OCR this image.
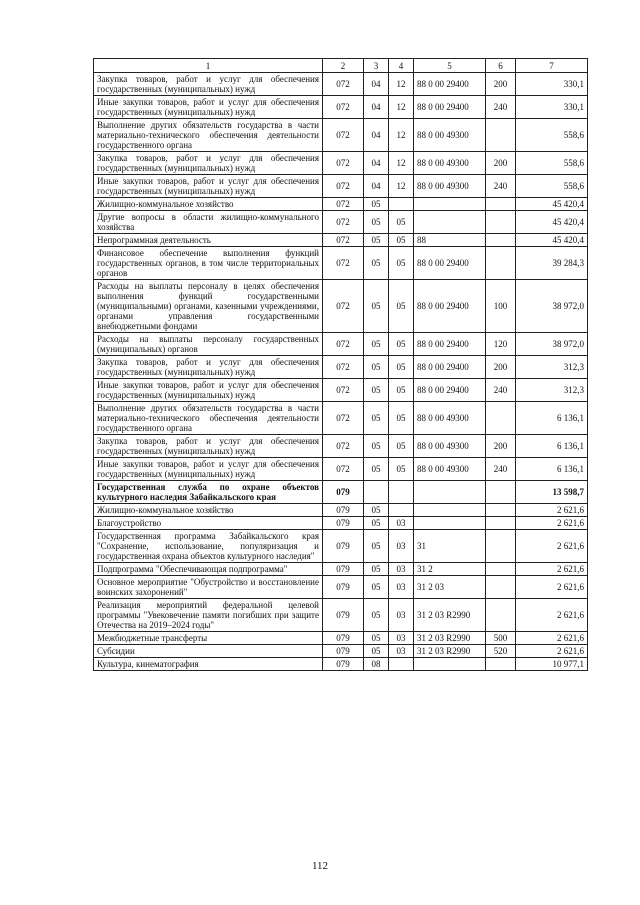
1	2	3	4	5	6	7
Закупка товаров, работ и услуг для обеспечения государственных (муниципальных) нужд	072	04	12	88 0 00 29400	200	330,1
Иные закупки товаров, работ и услуг для обеспечения государственных (муниципальных) нужд	072	04	12	88 0 00 29400	240	330,1
Выполнение других обязательств государства в части материально-технического обеспечения деятельности государственного органа	072	04	12	88 0 00 49300		558,6
Закупка товаров, работ и услуг для обеспечения государственных (муниципальных) нужд	072	04	12	88 0 00 49300	200	558,6
Иные закупки товаров, работ и услуг для обеспечения государственных (муниципальных) нужд	072	04	12	88 0 00 49300	240	558,6
Жилищно-коммунальное хозяйство	072	05				45 420,4
Другие вопросы в области жилищно-коммунального хозяйства	072	05	05			45 420,4
Непрограммная деятельность	072	05	05	88		45 420,4
Финансовое обеспечение выполнения функций государственных органов, в том числе территориальных органов	072	05	05	88 0 00 29400		39 284,3
Расходы на выплаты персоналу в целях обеспечения выполнения функций государственными (муниципальными) органами, казенными учреждениями, органами управления государственными внебюджетными фондами	072	05	05	88 0 00 29400	100	38 972,0
Расходы на выплаты персоналу государственных (муниципальных) органов	072	05	05	88 0 00 29400	120	38 972,0
Закупка товаров, работ и услуг для обеспечения государственных (муниципальных) нужд	072	05	05	88 0 00 29400	200	312,3
Иные закупки товаров, работ и услуг для обеспечения государственных (муниципальных) нужд	072	05	05	88 0 00 29400	240	312,3
Выполнение других обязательств государства в части материально-технического обеспечения деятельности государственного органа	072	05	05	88 0 00 49300		6 136,1
Закупка товаров, работ и услуг для обеспечения государственных (муниципальных) нужд	072	05	05	88 0 00 49300	200	6 136,1
Иные закупки товаров, работ и услуг для обеспечения государственных (муниципальных) нужд	072	05	05	88 0 00 49300	240	6 136,1
Государственная служба по охране объектов культурного наследия Забайкальского края	079					13 598,7
Жилищно-коммунальное хозяйство	079	05				2 621,6
Благоустройство	079	05	03			2 621,6
Государственная программа Забайкальского края "Сохранение, использование, популяризация и государственная охрана объектов культурного наследия"	079	05	03	31		2 621,6
Подпрограмма "Обеспечивающая подпрограмма"	079	05	03	31 2		2 621,6
Основное мероприятие "Обустройство и восстановление воинских захоронений"	079	05	03	31 2 03		2 621,6
Реализация мероприятий федеральной целевой программы "Увековечение памяти погибших при защите Отечества на 2019–2024 годы"	079	05	03	31 2 03 R2990		2 621,6
Межбюджетные трансферты	079	05	03	31 2 03 R2990	500	2 621,6
Субсидии	079	05	03	31 2 03 R2990	520	2 621,6
Культура, кинематография	079	08				10 977,1
112
